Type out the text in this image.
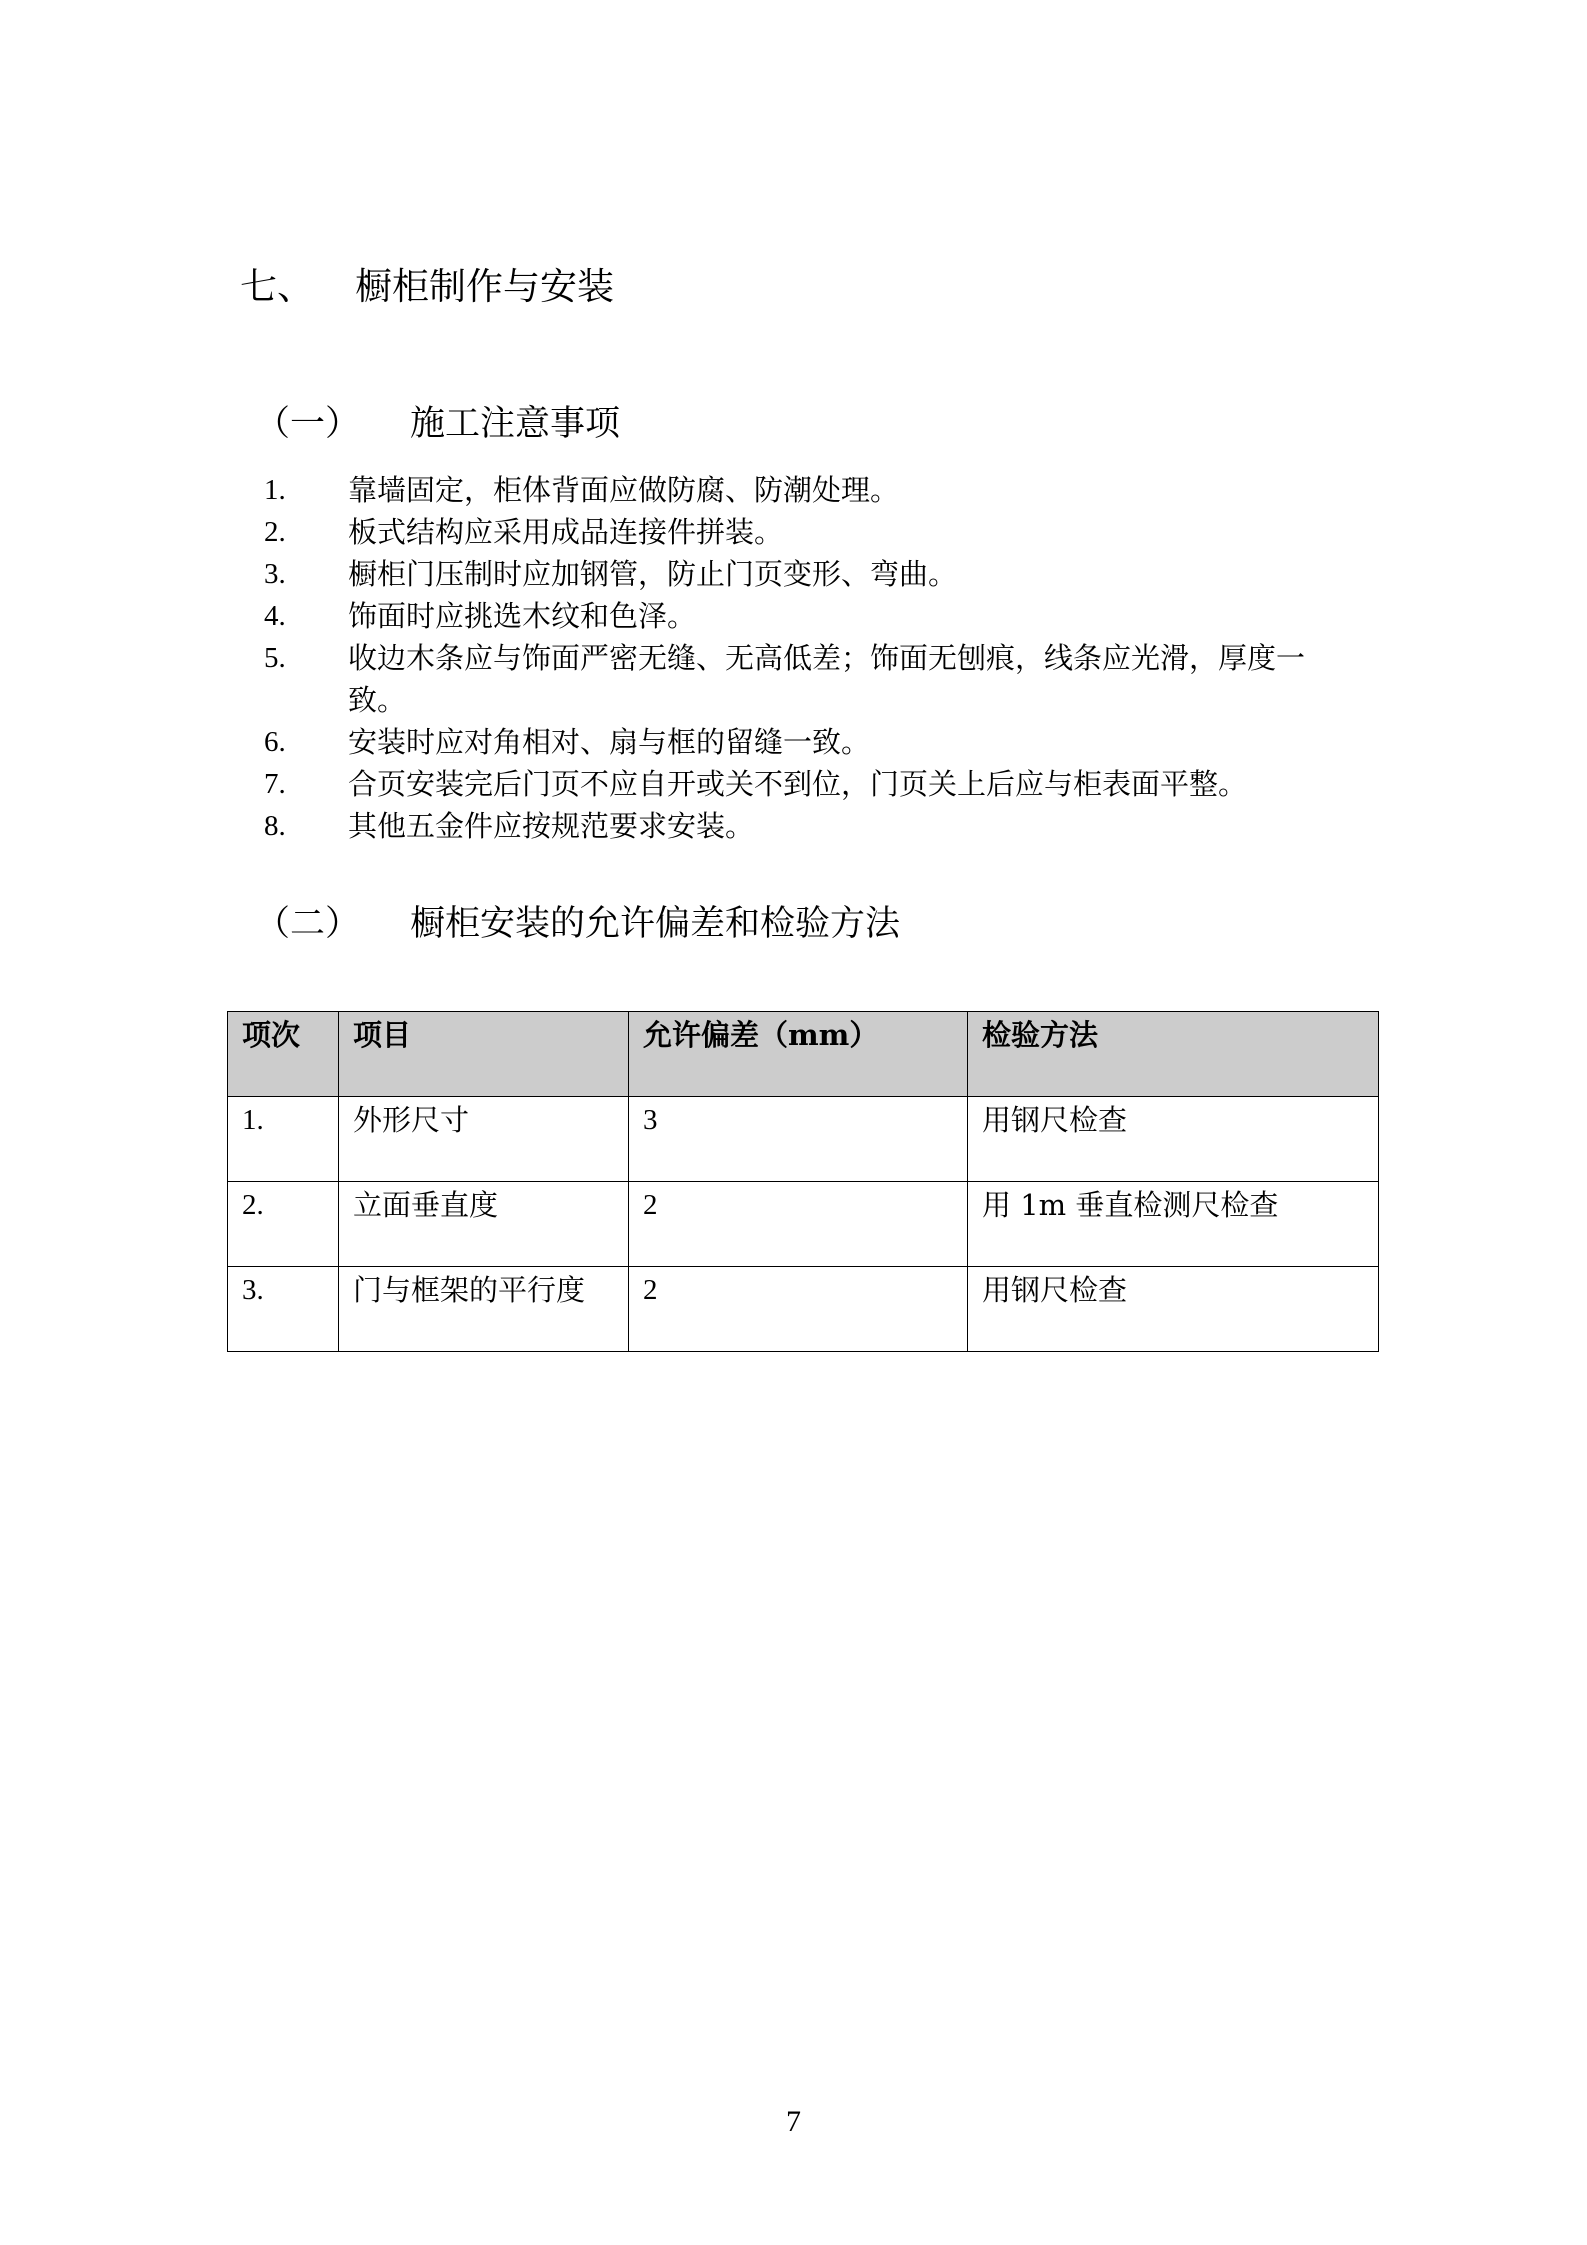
七、 橱柜制作与安装
（一） 施工注意事项
1. 靠墙固定，柜体背面应做防腐、防潮处理。
2. 板式结构应采用成品连接件拼装。
3. 橱柜门压制时应加钢管，防止门页变形、弯曲。
4. 饰面时应挑选木纹和色泽。
5. 收边木条应与饰面严密无缝、无高低差；饰面无刨痕，线条应光滑，厚度一致。
6. 安装时应对角相对、扇与框的留缝一致。
7. 合页安装完后门页不应自开或关不到位，门页关上后应与柜表面平整。
8. 其他五金件应按规范要求安装。
（二） 橱柜安装的允许偏差和检验方法
项次	项目	允许偏差（mm）	检验方法
1.	外形尺寸	3	用钢尺检查
2.	立面垂直度	2	用 1m 垂直检测尺检查
3.	门与框架的平行度	2	用钢尺检查
7
